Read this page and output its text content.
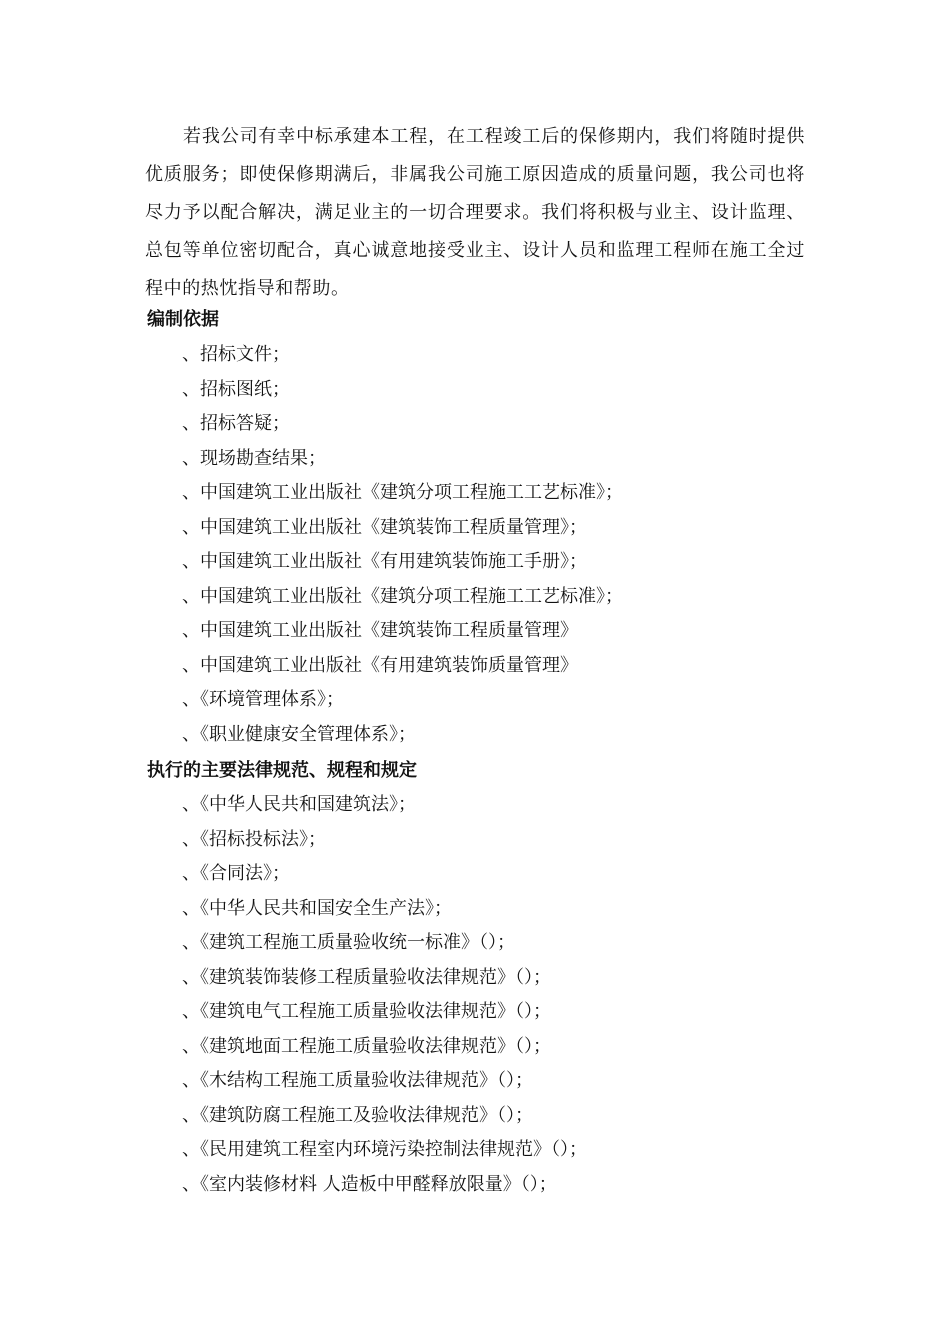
若我公司有幸中标承建本工程，在工程竣工后的保修期内，我们将随时提供优质服务；即使保修期满后，非属我公司施工原因造成的质量问题，我公司也将尽力予以配合解决，满足业主的一切合理要求。我们将积极与业主、设计监理、总包等单位密切配合，真心诚意地接受业主、设计人员和监理工程师在施工全过程中的热忱指导和帮助。

编制依据
、招标文件；
、招标图纸；
、招标答疑；
、现场勘查结果；
、中国建筑工业出版社《建筑分项工程施工工艺标准》；
、中国建筑工业出版社《建筑装饰工程质量管理》；
、中国建筑工业出版社《有用建筑装饰施工手册》；
、中国建筑工业出版社《建筑分项工程施工工艺标准》；
、中国建筑工业出版社《建筑装饰工程质量管理》
、中国建筑工业出版社《有用建筑装饰质量管理》
、《环境管理体系》；
、《职业健康安全管理体系》；
执行的主要法律规范、规程和规定
、《中华人民共和国建筑法》；
、《招标投标法》；
、《合同法》；
、《中华人民共和国安全生产法》；
、《建筑工程施工质量验收统一标准》（）；
、《建筑装饰装修工程质量验收法律规范》（）；
、《建筑电气工程施工质量验收法律规范》（）；
、《建筑地面工程施工质量验收法律规范》（）；
、《木结构工程施工质量验收法律规范》（）；
、《建筑防腐工程施工及验收法律规范》（）；
、《民用建筑工程室内环境污染控制法律规范》（）；
、《室内装修材料 人造板中甲醛释放限量》（）；
